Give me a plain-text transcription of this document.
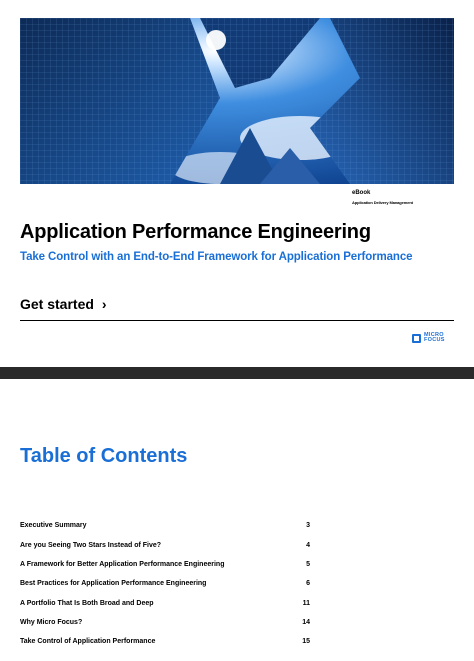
eBook
Application Delivery Management
Application Performance Engineering
Take Control with an End-to-End Framework for Application Performance
Get started ›
MICRO
FOCUS
Table of Contents
Executive Summary	3
Are you Seeing Two Stars Instead of Five?	4
A Framework for Better Application Performance Engineering	5
Best Practices for Application Performance Engineering	6
A Portfolio That Is Both Broad and Deep	11
Why Micro Focus?	14
Take Control of Application Performance	15
